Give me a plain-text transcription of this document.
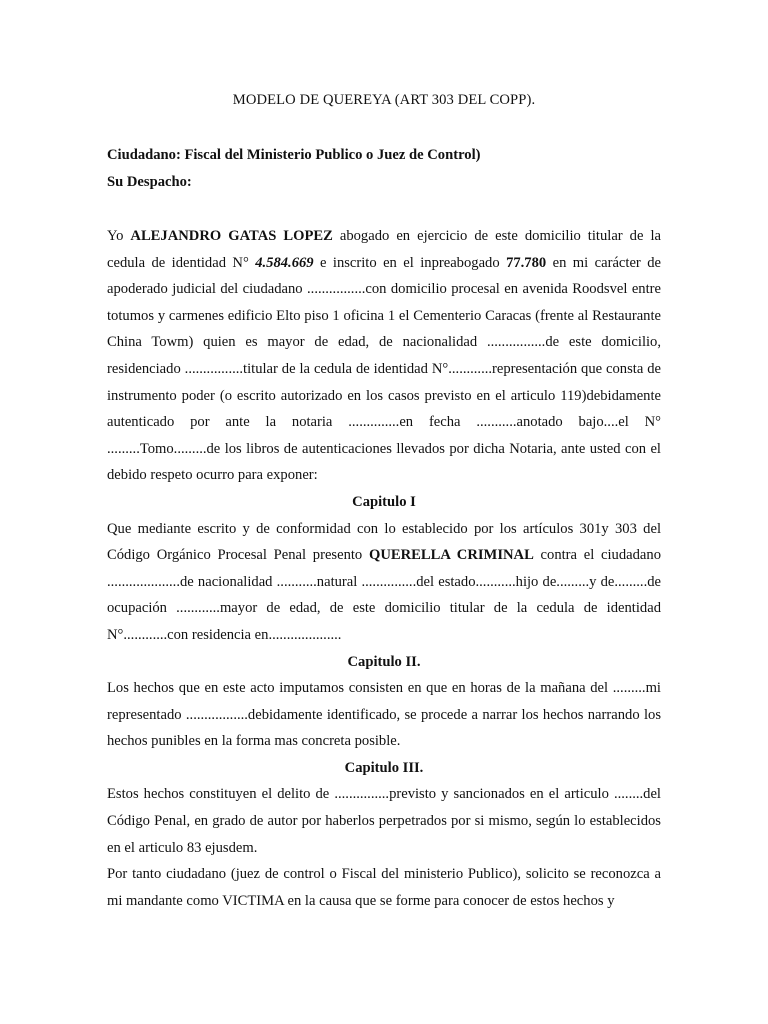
MODELO DE QUEREYA (ART 303 DEL COPP).
Ciudadano: Fiscal del Ministerio Publico o Juez de Control)
Su Despacho:

Yo ALEJANDRO GATAS LOPEZ abogado en ejercicio de este domicilio titular de la cedula de identidad N° 4.584.669 e inscrito en el inpreabogado 77.780 en mi carácter de apoderado judicial del ciudadano ................con domicilio procesal en avenida Roodsvel entre totumos y carmenes edificio Elto piso 1 oficina 1 el Cementerio Caracas (frente al Restaurante China Towm) quien es mayor de edad, de nacionalidad ................de este domicilio, residenciado ................titular de la cedula de identidad N°............representación que consta de instrumento poder (o escrito autorizado en los casos previsto en el articulo 119)debidamente autenticado por ante la notaria ..............en fecha ...........anotado bajo....el N° .........Tomo.........de los libros de autenticaciones llevados por dicha Notaria, ante usted con el debido respeto ocurro para exponer:

Capitulo I

Que mediante escrito y de conformidad con lo establecido por los artículos 301y 303 del Código Orgánico Procesal Penal presento QUERELLA CRIMINAL contra el ciudadano ....................de nacionalidad ...........natural ...............del estado...........hijo de.........y de.........de ocupación ............mayor de edad, de este domicilio titular de la cedula de identidad N°............con residencia en....................

Capitulo II.

Los hechos que en este acto imputamos consisten en que en horas de la mañana del .........mi representado .................debidamente identificado, se procede a narrar los hechos narrando los hechos punibles en la forma mas concreta posible.

Capitulo III.

Estos hechos constituyen el delito de ...............previsto y sancionados en el articulo ........del Código Penal, en grado de autor por haberlos perpetrados por si mismo, según lo establecidos en el articulo 83 ejusdem.

Por tanto ciudadano (juez de control o Fiscal del ministerio Publico), solicito se reconozca a mi mandante como VICTIMA en la causa que se forme para conocer de estos hechos y
